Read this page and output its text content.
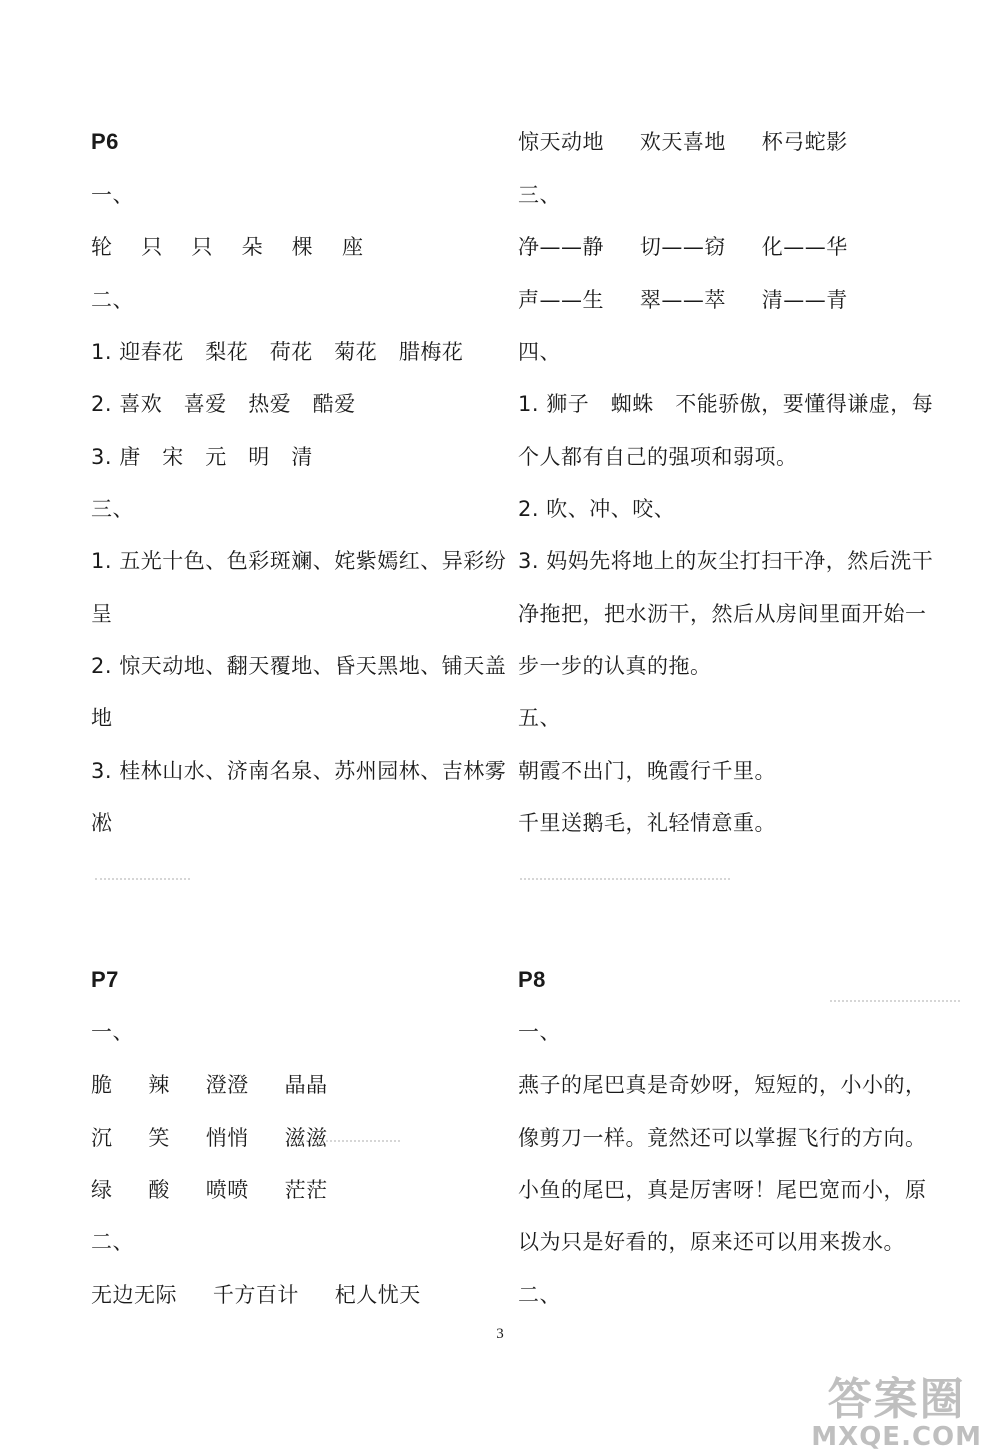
P6
一、
轮    只    只    朵    棵    座
二、
1. 迎春花   梨花   荷花   菊花   腊梅花
2. 喜欢   喜爱   热爱   酷爱
3. 唐   宋   元   明   清
三、
1. 五光十色、色彩斑斓、姹紫嫣红、异彩纷
呈
2. 惊天动地、翻天覆地、昏天黑地、铺天盖
地
3. 桂林山水、济南名泉、苏州园林、吉林雾
凇
惊天动地     欢天喜地     杯弓蛇影
三、
净——静     切——窃     化——华
声——生     翠——萃     清——青
四、
1. 狮子   蜘蛛   不能骄傲，要懂得谦虚，每
个人都有自己的强项和弱项。
2. 吹、冲、咬、
3. 妈妈先将地上的灰尘打扫干净，然后洗干
净拖把，把水沥干，然后从房间里面开始一
步一步的认真的拖。
五、
朝霞不出门，晚霞行千里。
千里送鹅毛，礼轻情意重。
P7
一、
脆     辣     澄澄     晶晶
沉     笑     悄悄     滋滋
绿     酸     喷喷     茫茫
二、
无边无际     千方百计     杞人忧天
P8
一、
燕子的尾巴真是奇妙呀，短短的，小小的，
像剪刀一样。竟然还可以掌握飞行的方向。
小鱼的尾巴，真是厉害呀！尾巴宽而小，原
以为只是好看的，原来还可以用来拨水。
二、
3
答案圈
MXQE.COM
